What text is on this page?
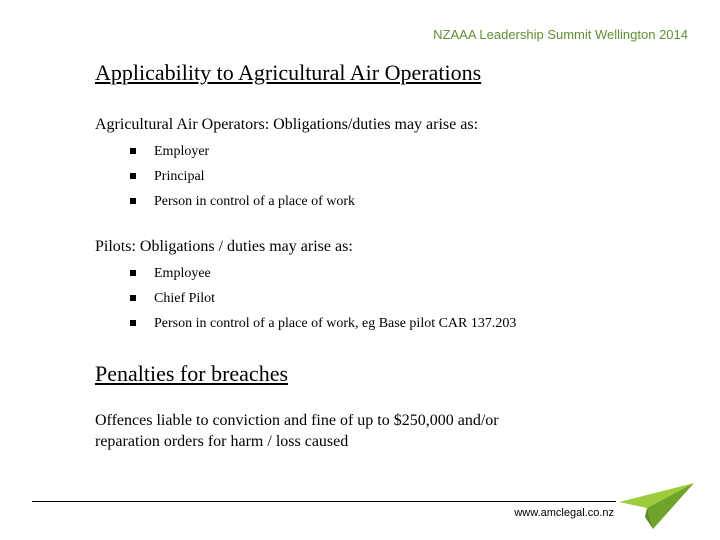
NZAAA Leadership Summit Wellington 2014
Applicability to Agricultural Air Operations
Agricultural Air Operators: Obligations/duties may arise as:
Employer
Principal
Person in control of a place of work
Pilots: Obligations / duties may arise as:
Employee
Chief Pilot
Person in control of a place of work, eg Base pilot CAR 137.203
Penalties for breaches
Offences liable to conviction and fine of up to $250,000 and/or
reparation orders for harm / loss caused
www.amclegal.co.nz
